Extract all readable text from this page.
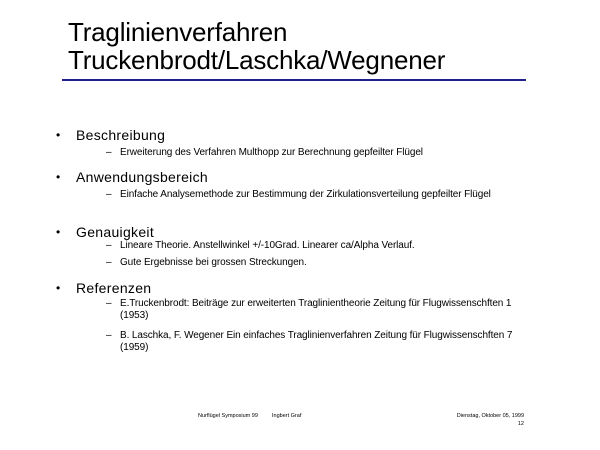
Traglinienverfahren
Truckenbrodt/Laschka/Wegnener
• Beschreibung
– Erweiterung des Verfahren Multhopp zur Berechnung gepfeilter Flügel
• Anwendungsbereich
– Einfache Analysemethode zur Bestimmung der Zirkulationsverteilung gepfeilter Flügel
• Genauigkeit
– Lineare Theorie. Anstellwinkel +/-10Grad. Linearer ca/Alpha Verlauf.
– Gute Ergebnisse bei grossen Streckungen.
• Referenzen
– E.Truckenbrodt: Beiträge zur erweiterten Traglinientheorie Zeitung für Flugwissenschften 1 (1953)
– B. Laschka, F. Wegener Ein einfaches Traglinienverfahren Zeitung für Flugwissenschften 7 (1959)
Nurflügel Symposium 99	Ingbert Graf	Dienstag, Oktober 05, 1999
12
